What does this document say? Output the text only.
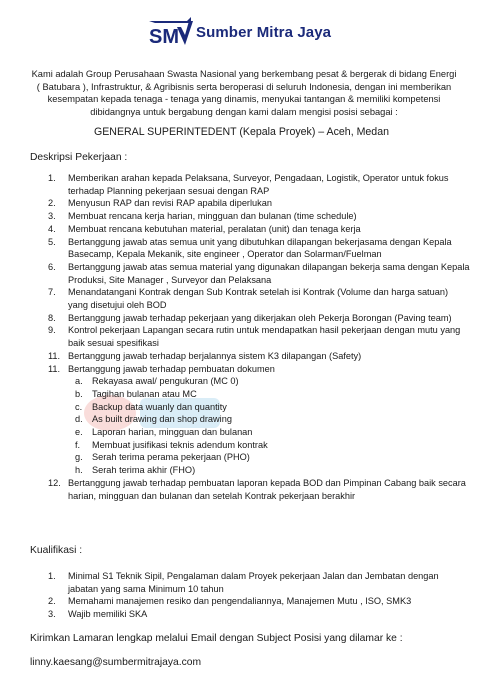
SM Sumber Mitra Jaya
Kami adalah Group Perusahaan Swasta Nasional yang berkembang pesat & bergerak di bidang Energi ( Batubara ), Infrastruktur, & Agribisnis serta beroperasi di seluruh Indonesia, dengan ini memberikan kesempatan kepada tenaga - tenaga yang dinamis, menyukai tantangan & memiliki kompetensi dibidangnya untuk bergabung dengan kami dalam mengisi posisi sebagai :
GENERAL SUPERINTEDENT (Kepala Proyek) – Aceh, Medan
Deskripsi Pekerjaan :
1.	Memberikan arahan kepada Pelaksana, Surveyor, Pengadaan, Logistik, Operator untuk fokus terhadap Planning pekerjaan sesuai dengan RAP
2.	Menyusun RAP dan revisi RAP apabila diperlukan
3.	Membuat rencana kerja harian, mingguan dan bulanan (time schedule)
4.	Membuat rencana kebutuhan material, peralatan (unit) dan tenaga kerja
5.	Bertanggung jawab atas semua unit yang dibutuhkan dilapangan bekerjasama dengan Kepala Basecamp, Kepala Mekanik, site engineer , Operator dan Solarman/Fuelman
6.	Bertanggung jawab atas semua material yang digunakan dilapangan bekerja sama dengan Kepala Produksi, Site Manager , Surveyor dan Pelaksana
7.	Menandatangani Kontrak dengan Sub Kontrak setelah isi Kontrak (Volume dan harga satuan) yang disetujui oleh BOD
8.	Bertanggung jawab terhadap pekerjaan yang dikerjakan oleh Pekerja Borongan (Paving team)
9.	Kontrol pekerjaan Lapangan secara rutin untuk mendapatkan hasil pekerjaan dengan mutu yang baik sesuai spesifikasi
11. Bertanggung jawab terhadap berjalannya sistem K3 dilapangan (Safety)
11. Bertanggung jawab terhadap pembuatan dokumen
a. Rekayasa awal/ pengukuran (MC 0)
b. Tagihan bulanan atau MC
c. Backup data wuanly dan quantity
d. As built drawing dan shop drawing
e. Laporan harian, mingguan dan bulanan
f. Membuat jusifikasi teknis adendum kontrak
g. Serah terima perama pekerjaan (PHO)
h. Serah terima akhir (FHO)
12. Bertanggung jawab terhadap pembuatan laporan kepada BOD dan Pimpinan Cabang baik secara harian, mingguan dan bulanan dan setelah Kontrak pekerjaan berakhir
Kualifikasi :
1.	Minimal S1 Teknik Sipil, Pengalaman dalam Proyek pekerjaan Jalan dan Jembatan dengan jabatan yang sama Minimum 10 tahun
2.	Memahami manajemen resiko dan pengendaliannya, Manajemen Mutu , ISO, SMK3
3.	Wajib memiliki SKA
Kirimkan Lamaran lengkap melalui Email dengan Subject Posisi yang dilamar ke :
linny.kaesang@sumbermitrajaya.com
